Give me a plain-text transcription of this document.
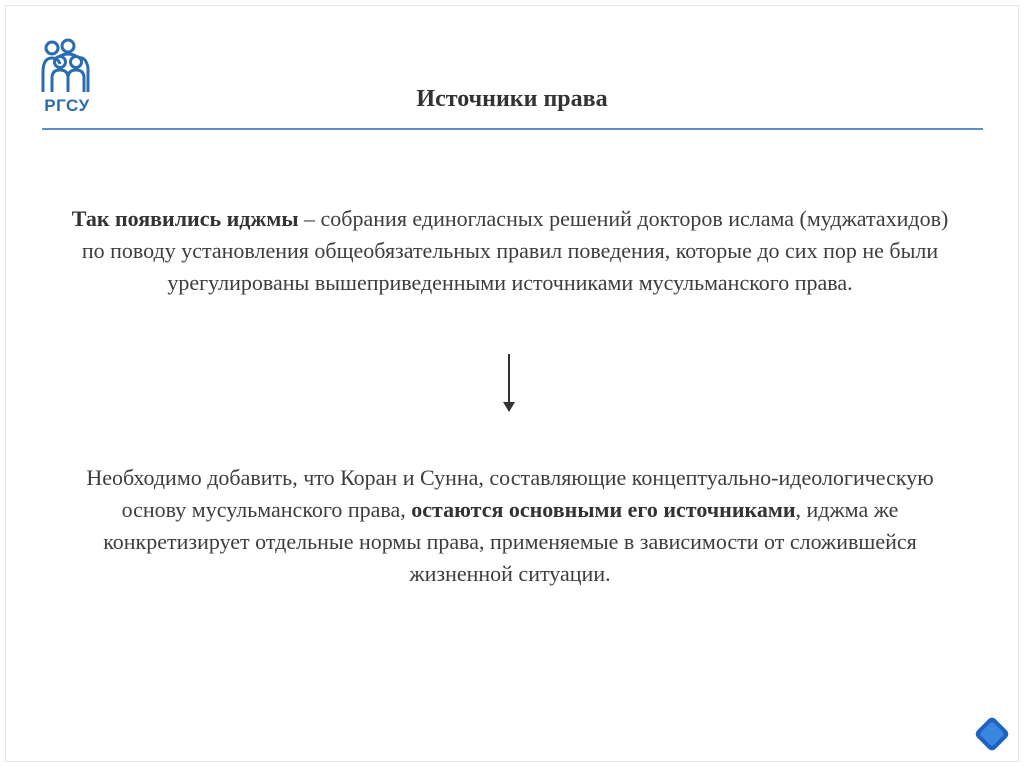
РГСУ	Источники права
Так появились иджмы – собрания единогласных решений докторов ислама (муджатахидов) по поводу установления общеобязательных правил поведения, которые до сих пор не были урегулированы вышеприведенными источниками мусульманского права.
Необходимо добавить, что Коран и Сунна, составляющие концептуально-идеологическую основу мусульманского права, остаются основными его источниками, иджма же конкретизирует отдельные нормы права, применяемые в зависимости от сложившейся жизненной ситуации.
